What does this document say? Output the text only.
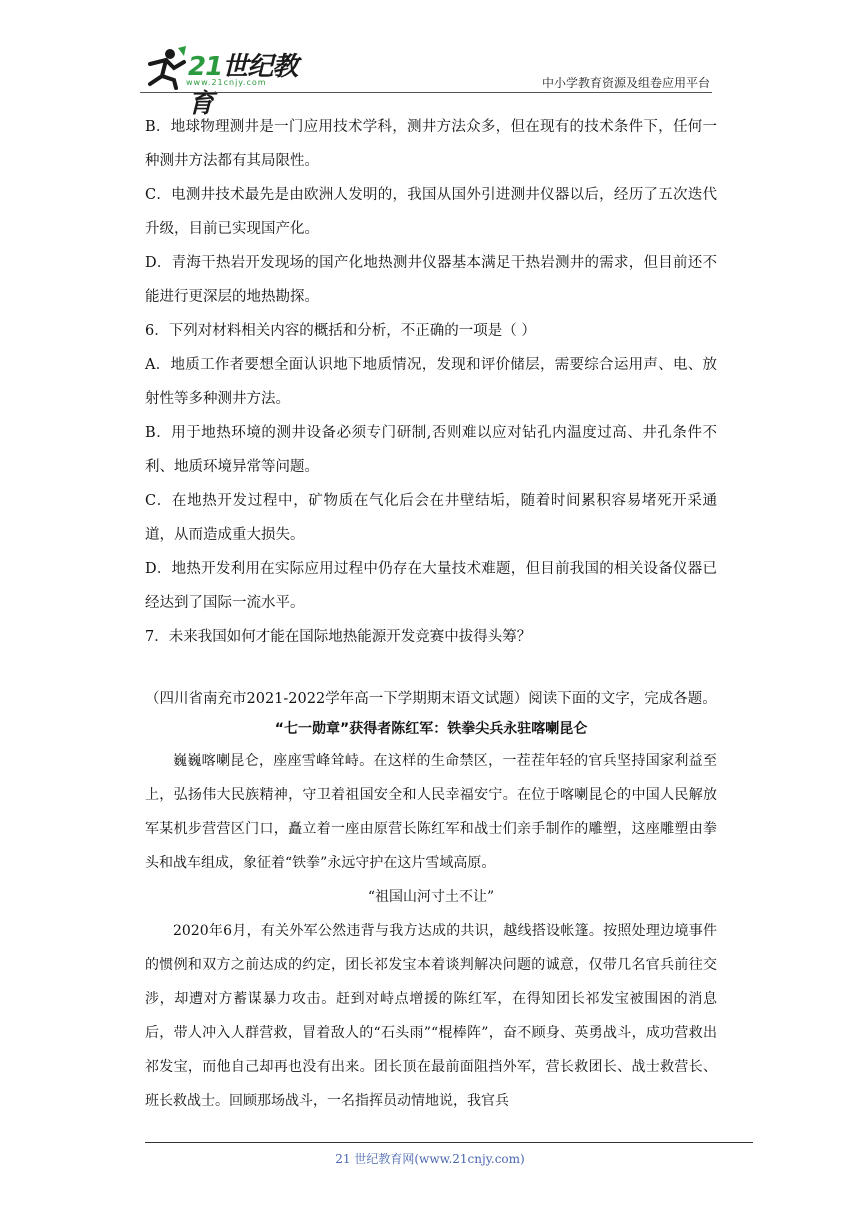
21世纪教育
www.21cnjy.com	中小学教育资源及组卷应用平台

B．地球物理测井是一门应用技术学科，测井方法众多，但在现有的技术条件下，任何一种测井方法都有其局限性。

C．电测井技术最先是由欧洲人发明的，我国从国外引进测井仪器以后，经历了五次迭代升级，目前已实现国产化。

D．青海干热岩开发现场的国产化地热测井仪器基本满足干热岩测井的需求，但目前还不能进行更深层的地热勘探。

6．下列对材料相关内容的概括和分析，不正确的一项是（ ）

A．地质工作者要想全面认识地下地质情况，发现和评价储层，需要综合运用声、电、放射性等多种测井方法。

B．用于地热环境的测井设备必须专门研制,否则难以应对钻孔内温度过高、井孔条件不利、地质环境异常等问题。

C．在地热开发过程中，矿物质在气化后会在井壁结垢，随着时间累积容易堵死开采通道，从而造成重大损失。

D．地热开发利用在实际应用过程中仍存在大量技术难题，但目前我国的相关设备仪器已经达到了国际一流水平。

7．未来我国如何才能在国际地热能源开发竞赛中拔得头筹？

（四川省南充市2021-2022学年高一下学期期末语文试题）阅读下面的文字，完成各题。
“七一勋章”获得者陈红军：铁拳尖兵永驻喀喇昆仑

巍巍喀喇昆仑，座座雪峰耸峙。在这样的生命禁区，一茬茬年轻的官兵坚持国家利益至上，弘扬伟大民族精神，守卫着祖国安全和人民幸福安宁。在位于喀喇昆仑的中国人民解放军某机步营营区门口，矗立着一座由原营长陈红军和战士们亲手制作的雕塑，这座雕塑由拳头和战车组成，象征着“铁拳”永远守护在这片雪域高原。

“祖国山河寸土不让”

2020年6月，有关外军公然违背与我方达成的共识，越线搭设帐篷。按照处理边境事件的惯例和双方之前达成的约定，团长祁发宝本着谈判解决问题的诚意，仅带几名官兵前往交涉，却遭对方蓄谋暴力攻击。赶到对峙点增援的陈红军，在得知团长祁发宝被围困的消息后，带人冲入人群营救，冒着敌人的“石头雨”“棍棒阵”，奋不顾身、英勇战斗，成功营救出祁发宝，而他自己却再也没有出来。团长顶在最前面阻挡外军，营长救团长、战士救营长、班长救战士。回顾那场战斗，一名指挥员动情地说，我官兵

21 世纪教育网(www.21cnjy.com)
